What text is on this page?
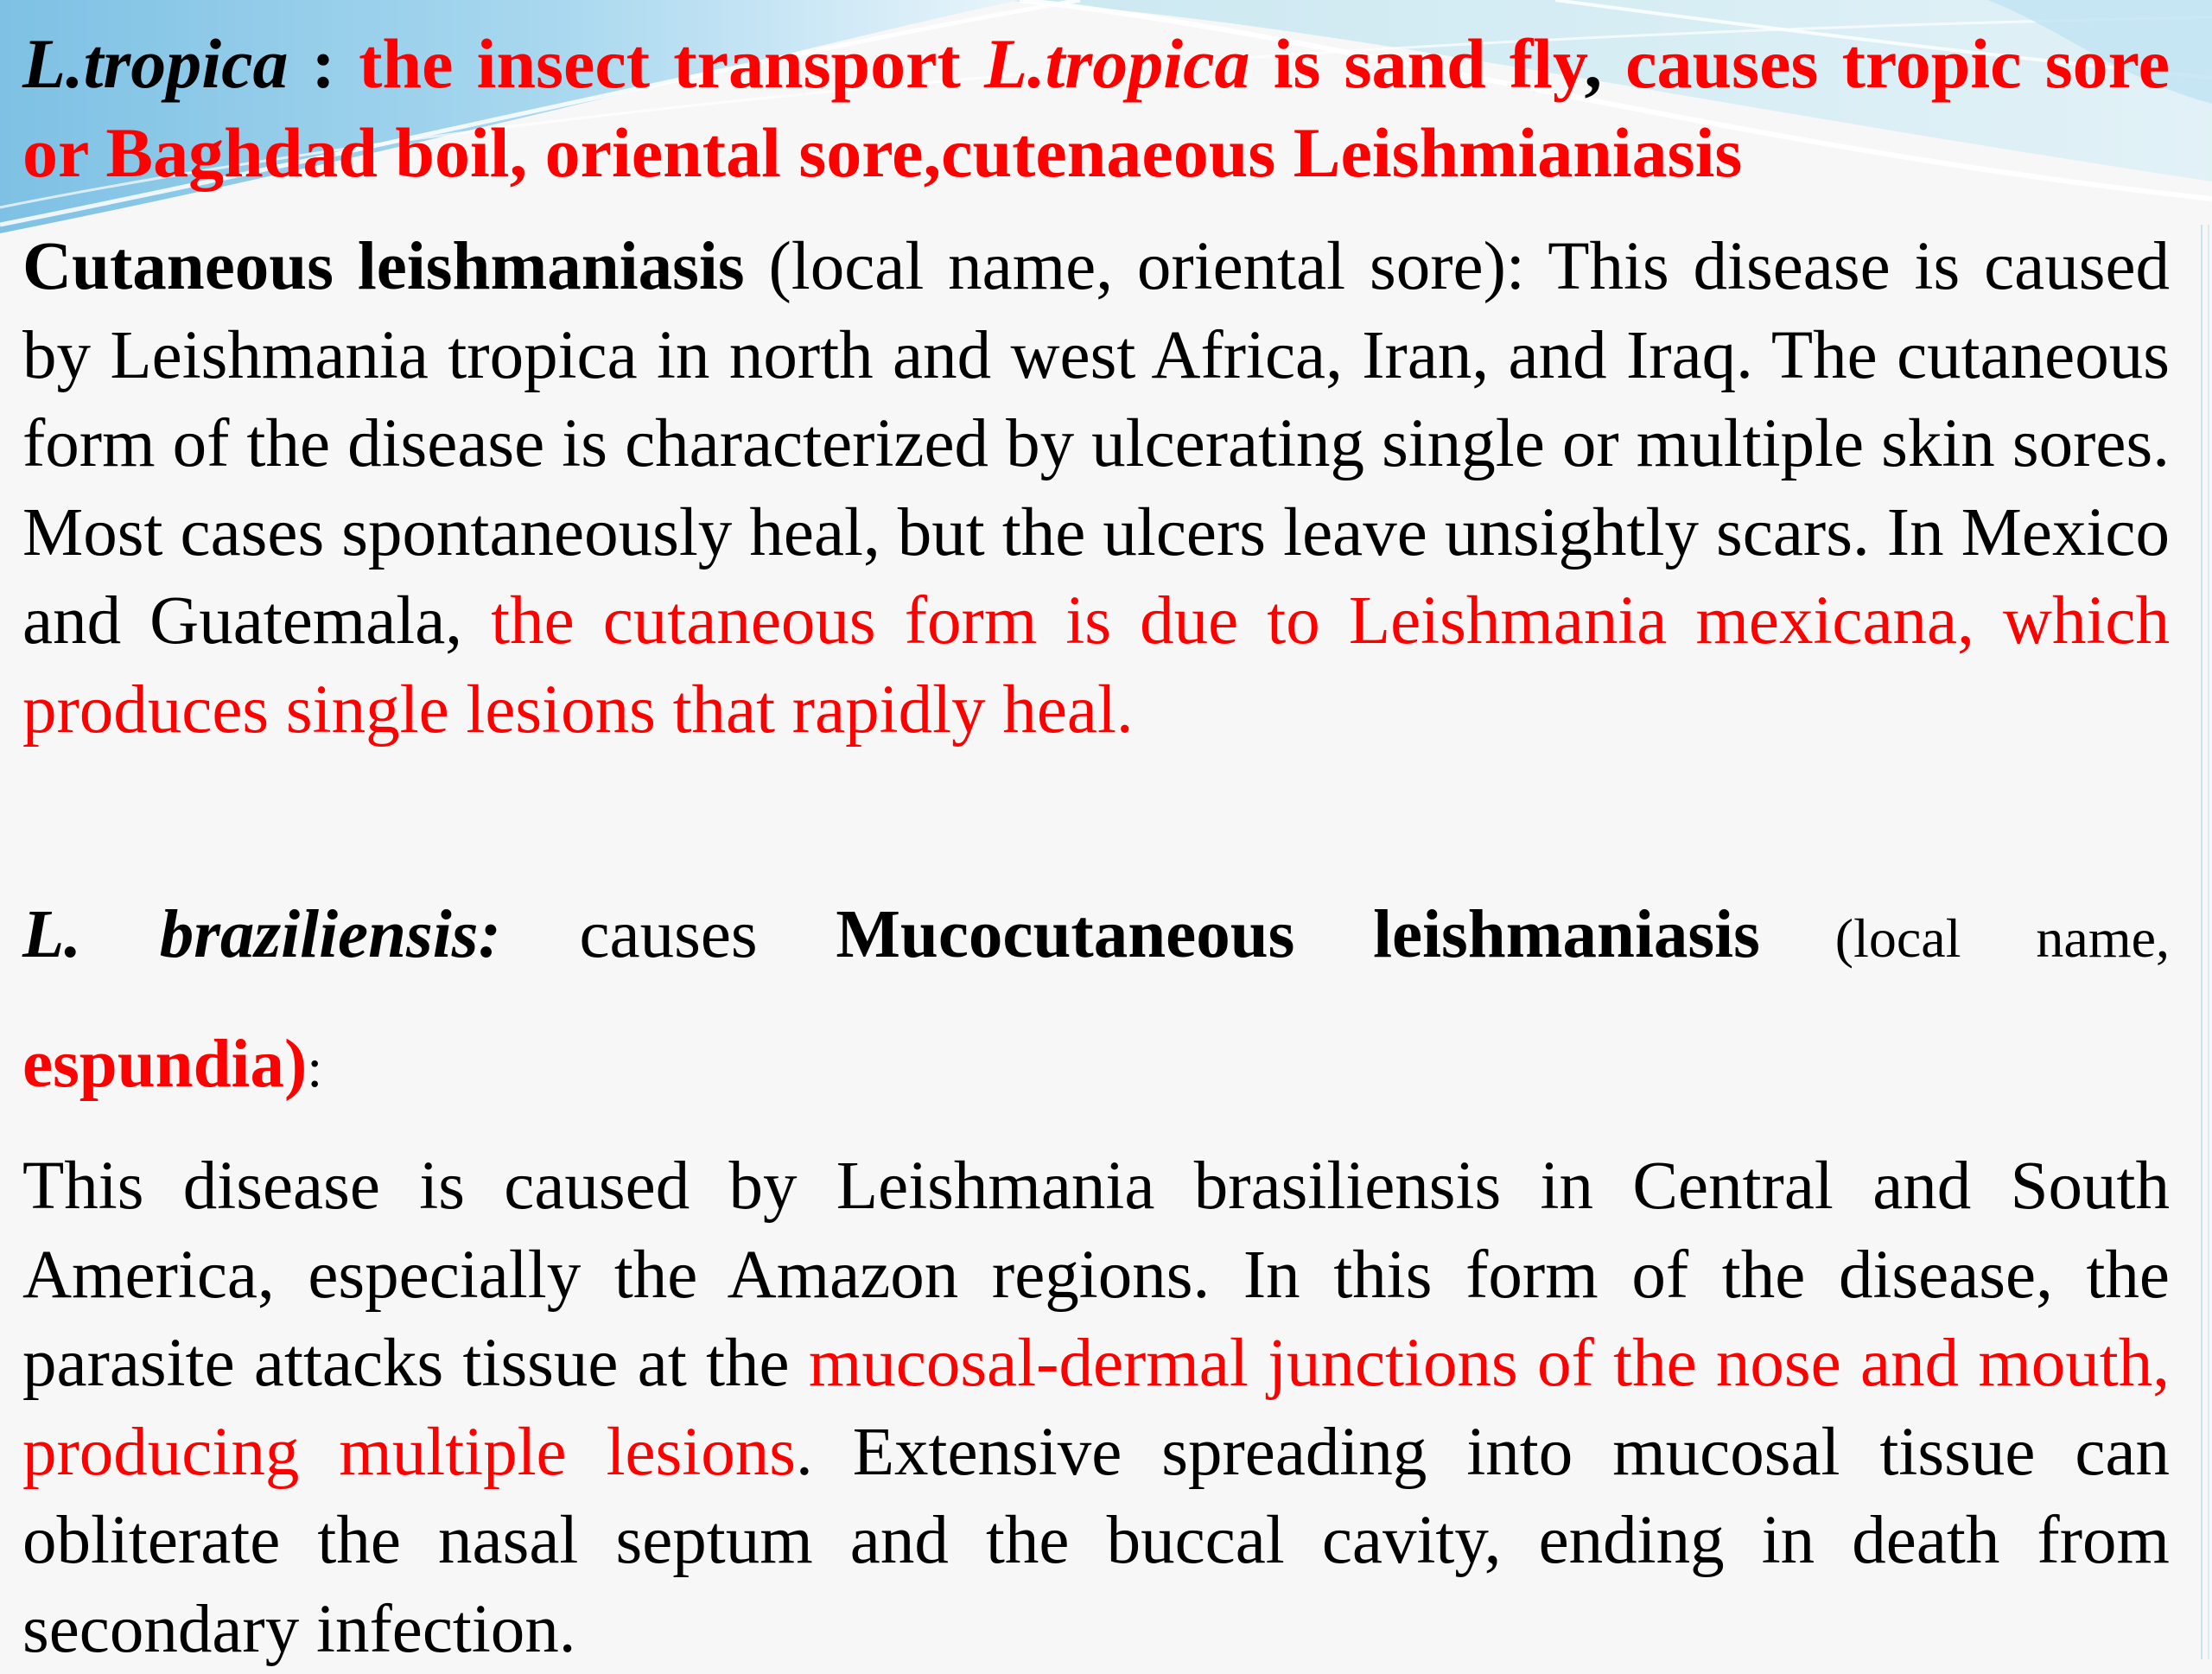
L.tropica : the insect transport L.tropica is sand fly, causes tropic sore or Baghdad boil, oriental sore,cutenaeous Leishmianiasis

Cutaneous leishmaniasis (local name, oriental sore): This disease is caused by Leishmania tropica in north and west Africa, Iran, and Iraq. The cutaneous form of the disease is characterized by ulcerating single or multiple skin sores. Most cases spontaneously heal, but the ulcers leave unsightly scars. In Mexico and Guatemala, the cutaneous form is due to Leishmania mexicana, which produces single lesions that rapidly heal.

L. braziliensis: causes Mucocutaneous leishmaniasis (local name,

espundia):

This disease is caused by Leishmania brasiliensis in Central and South America, especially the Amazon regions. In this form of the disease, the parasite attacks tissue at the mucosal-dermal junctions of the nose and mouth, producing multiple lesions. Extensive spreading into mucosal tissue can obliterate the nasal septum and the buccal cavity, ending in death from secondary infection.
